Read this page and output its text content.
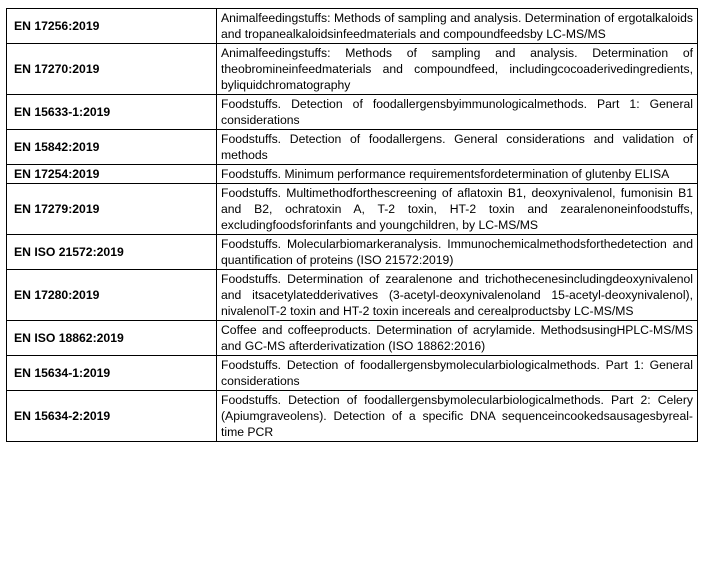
EN 17256:2019	Animalfeedingstuffs: Methods of sampling and analysis. Determination of ergotalkaloids and tropanealkaloidsinfeedmaterials and compoundfeedsby LC-MS/MS
EN 17270:2019	Animalfeedingstuffs: Methods of sampling and analysis. Determination of theobromineinfeedmaterials and compoundfeed, includingcocoaderivedingredients, byliquidchromatography
EN 15633-1:2019	Foodstuffs. Detection of foodallergensbyimmunologicalmethods. Part 1: General considerations
EN 15842:2019	Foodstuffs. Detection of foodallergens. General considerations and validation of methods
EN 17254:2019	Foodstuffs. Minimum performance requirementsfordetermination of glutenby ELISA
EN 17279:2019	Foodstuffs. Multimethodforthescreening of aflatoxin B1, deoxynivalenol, fumonisin B1 and B2, ochratoxin A, T-2 toxin, HT-2 toxin and zearalenoneinfoodstuffs, excludingfoodsforinfants and youngchildren, by LC-MS/MS
EN ISO 21572:2019	Foodstuffs. Molecularbiomarkeranalysis. Immunochemicalmethodsforthedetection and quantification of proteins (ISO 21572:2019)
EN 17280:2019	Foodstuffs. Determination of zearalenone and trichothecenesincludingdeoxynivalenol and itsacetylatedderivatives (3-acetyl-deoxynivalenoland 15-acetyl-deoxynivalenol), nivalenolT-2 toxin and HT-2 toxin incereals and cerealproductsby LC-MS/MS
EN ISO 18862:2019	Coffee and coffeeproducts. Determination of acrylamide. MethodsusingHPLC-MS/MS and GC-MS afterderivatization (ISO 18862:2016)
EN 15634-1:2019	Foodstuffs. Detection of foodallergensbymolecularbiologicalmethods. Part 1: General considerations
EN 15634-2:2019	Foodstuffs. Detection of foodallergensbymolecularbiologicalmethods. Part 2: Celery (Apiumgraveolens). Detection of a specific DNA sequenceincookedsausagesbyreal-time PCR
